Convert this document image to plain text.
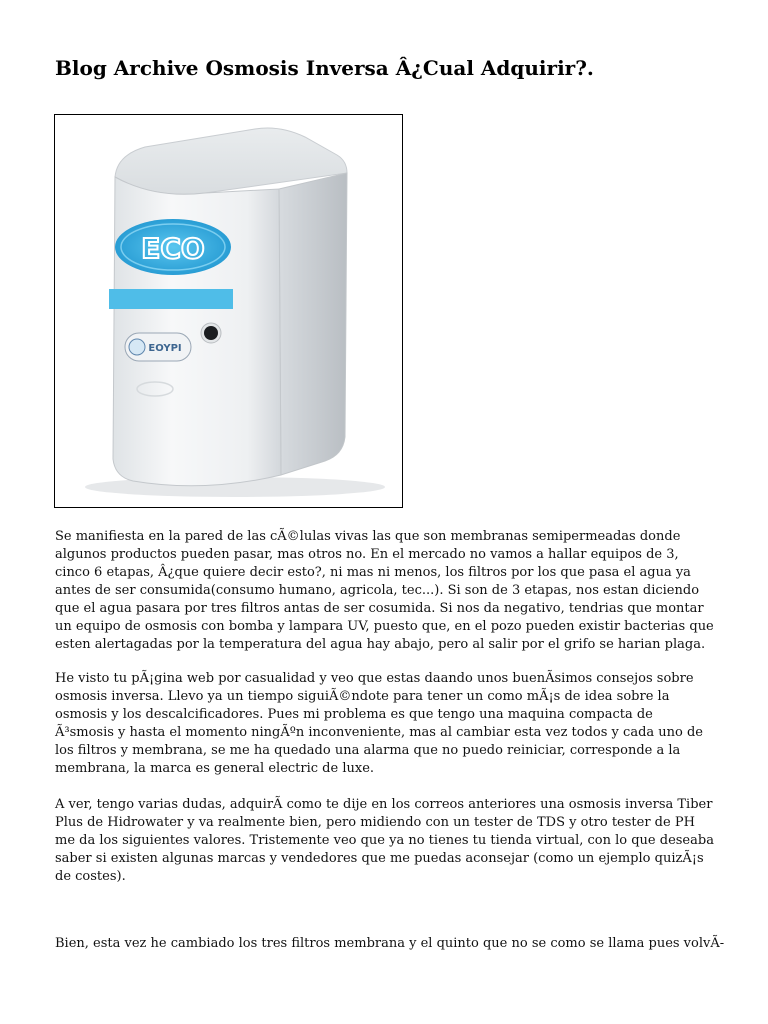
Blog Archive Osmosis Inversa Â¿Cual Adquirir?.
ECO
EOYPI

Se manifiesta en la pared de las cÃ©lulas vivas las que son membranas semipermeadas donde algunos productos pueden pasar, mas otros no. En el mercado no vamos a hallar equipos de 3, cinco 6 etapas, Â¿que quiere decir esto?, ni mas ni menos, los filtros por los que pasa el agua ya antes de ser consumida(consumo humano, agricola, tec...). Si son de 3 etapas, nos estan diciendo que el agua pasara por tres filtros antas de ser cosumida. Si nos da negativo, tendrias que montar un equipo de osmosis con bomba y lampara UV, puesto que, en el pozo pueden existir bacterias que esten alertagadas por la temperatura del agua hay abajo, pero al salir por el grifo se harian plaga.

He visto tu pÃ¡gina web por casualidad y veo que estas daando unos buenÃsimos consejos sobre osmosis inversa. Llevo ya un tiempo siguiÃ©ndote para tener un como mÃ¡s de idea sobre la osmosis y los descalcificadores. Pues mi problema es que tengo una maquina compacta de Ã³smosis y hasta el momento ningÃºn inconveniente, mas al cambiar esta vez todos y cada uno de los filtros y membrana, se me ha quedado una alarma que no puedo reiniciar, corresponde a la membrana, la marca es general electric de luxe.

A ver, tengo varias dudas, adquirÃ como te dije en los correos anteriores una osmosis inversa Tiber Plus de Hidrowater y va realmente bien, pero midiendo con un tester de TDS y otro tester de PH me da los siguientes valores. Tristemente veo que ya no tienes tu tienda virtual, con lo que deseaba saber si existen algunas marcas y vendedores que me puedas aconsejar (como un ejemplo quizÃ¡s de costes).

Bien, esta vez he cambiado los tres filtros membrana y el quinto que no se como se llama pues volvÃ-
